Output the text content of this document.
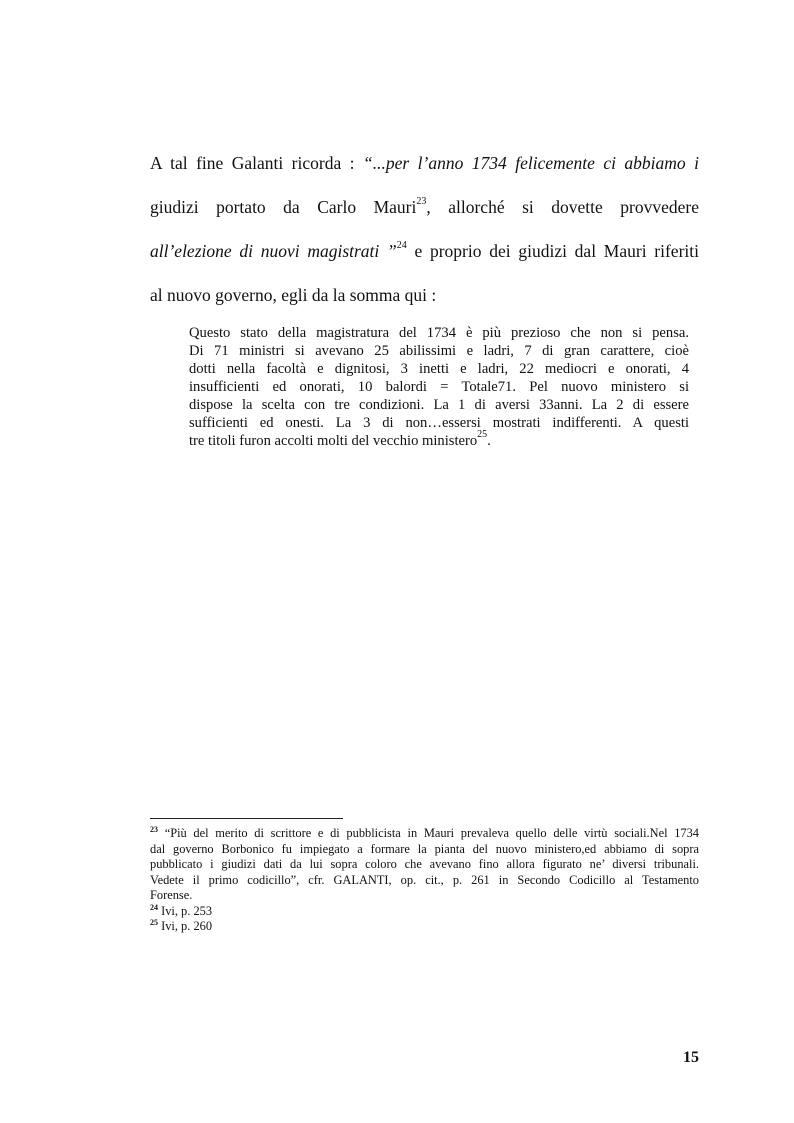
A tal fine Galanti ricorda : “...per l’anno 1734 felicemente ci abbiamo i
giudizi portato da Carlo Mauri$^{23}$, allorché si dovette provvedere
all’elezione di nuovi magistrati ”$^{24}$ e proprio dei giudizi dal Mauri riferiti
al nuovo governo, egli da la somma qui :
Questo stato della magistratura del 1734 è più prezioso che non si pensa.
Di 71 ministri si avevano 25 abilissimi e ladri, 7 di gran carattere, cioè
dotti nella facoltà e dignitosi, 3 inetti e ladri, 22 mediocri e onorati, 4
insufficienti ed onorati, 10 balordi = Totale71. Pel nuovo ministero si
dispose la scelta con tre condizioni. La 1 di aversi 33anni. La 2 di essere
sufficienti ed onesti. La 3 di non…essersi mostrati indifferenti. A questi
tre titoli furon accolti molti del vecchio ministero$^{25}$.
$^{23}$ “Più del merito di scrittore e di pubblicista in Mauri prevaleva quello delle virtù sociali.Nel 1734
dal governo Borbonico fu impiegato a formare la pianta del nuovo ministero,ed abbiamo di sopra
pubblicato i giudizi dati da lui sopra coloro che avevano fino allora figurato ne’ diversi tribunali.
Vedete il primo codicillo”, cfr. GALANTI, op. cit., p. 261 in Secondo Codicillo al Testamento
Forense.
$^{24}$ Ivi, p. 253
$^{25}$ Ivi, p. 260
15
